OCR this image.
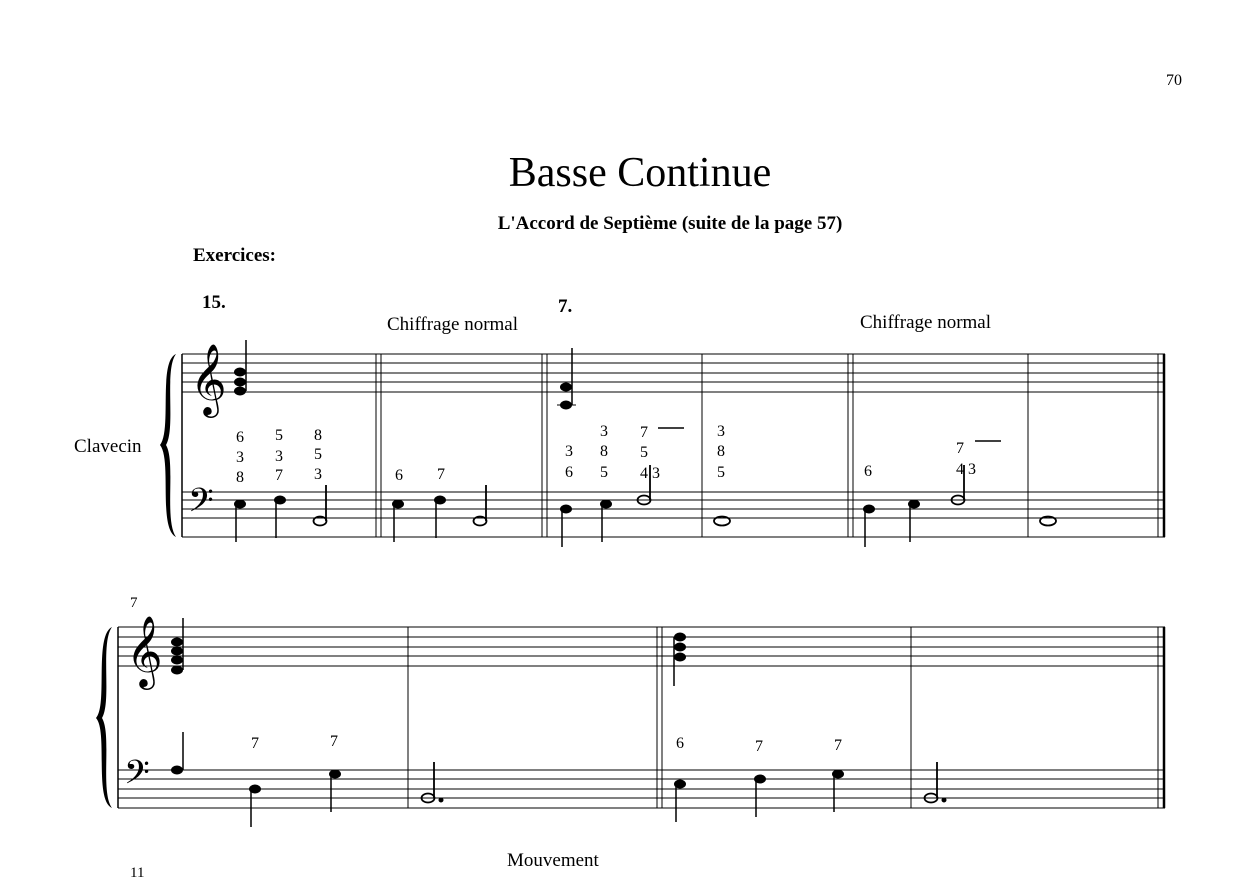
70
Basse Continue
L'Accord de Septième (suite de la page 57)
Exercices:
𝄞
𝄢
𝄞
𝄢
Clavecin
15.	7.
Chiffrage normal	Chiffrage normal
6
3
8
5
3
7
8
5
3	6 7
3
6
3
8
5
7
5
4 3
3
8
5	6
7
4 3
7
7	7	6	7	7
11
Mouvement
